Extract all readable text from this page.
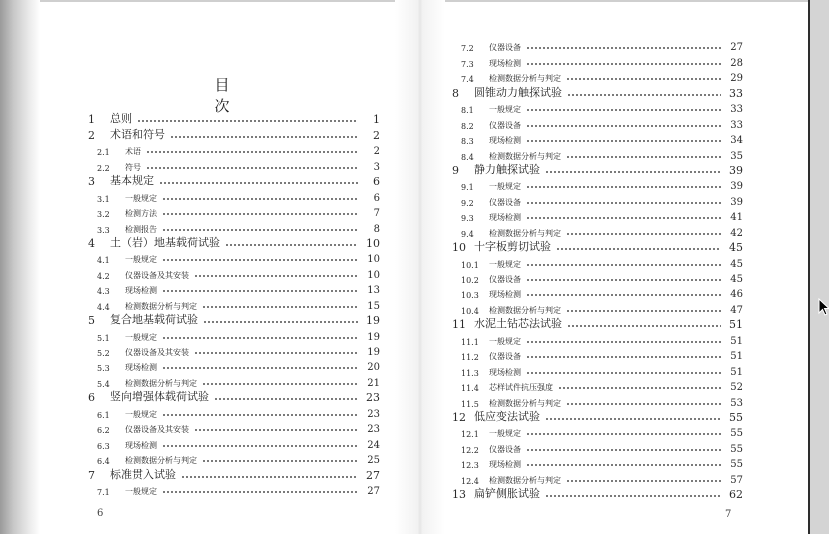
目 次
1	总则	1
2	术语和符号	2
2.1	术语	2
2.2	符号	3
3	基本规定	6
3.1	一般规定	6
3.2	检测方法	7
3.3	检测报告	8
4	土（岩）地基载荷试验	10
4.1	一般规定	10
4.2	仪器设备及其安装	10
4.3	现场检测	13
4.4	检测数据分析与判定	15
5	复合地基载荷试验	19
5.1	一般规定	19
5.2	仪器设备及其安装	19
5.3	现场检测	20
5.4	检测数据分析与判定	21
6	竖向增强体载荷试验	23
6.1	一般规定	23
6.2	仪器设备及其安装	23
6.3	现场检测	24
6.4	检测数据分析与判定	25
7	标准贯入试验	27
7.1	一般规定	27
7.2	仪器设备	27
7.3	现场检测	28
7.4	检测数据分析与判定	29
8	圆锥动力触探试验	33
8.1	一般规定	33
8.2	仪器设备	33
8.3	现场检测	34
8.4	检测数据分析与判定	35
9	静力触探试验	39
9.1	一般规定	39
9.2	仪器设备	39
9.3	现场检测	41
9.4	检测数据分析与判定	42
10 十字板剪切试验	45
10.1	一般规定	45
10.2	仪器设备	45
10.3	现场检测	46
10.4	检测数据分析与判定	47
11 水泥土钻芯法试验	51
11.1	一般规定	51
11.2	仪器设备	51
11.3	现场检测	51
11.4	芯样试件抗压强度	52
11.5	检测数据分析与判定	53
12 低应变法试验	55
12.1	一般规定	55
12.2	仪器设备	55
12.3	现场检测	55
12.4	检测数据分析与判定	57
13 扁铲侧胀试验	62
6	7
